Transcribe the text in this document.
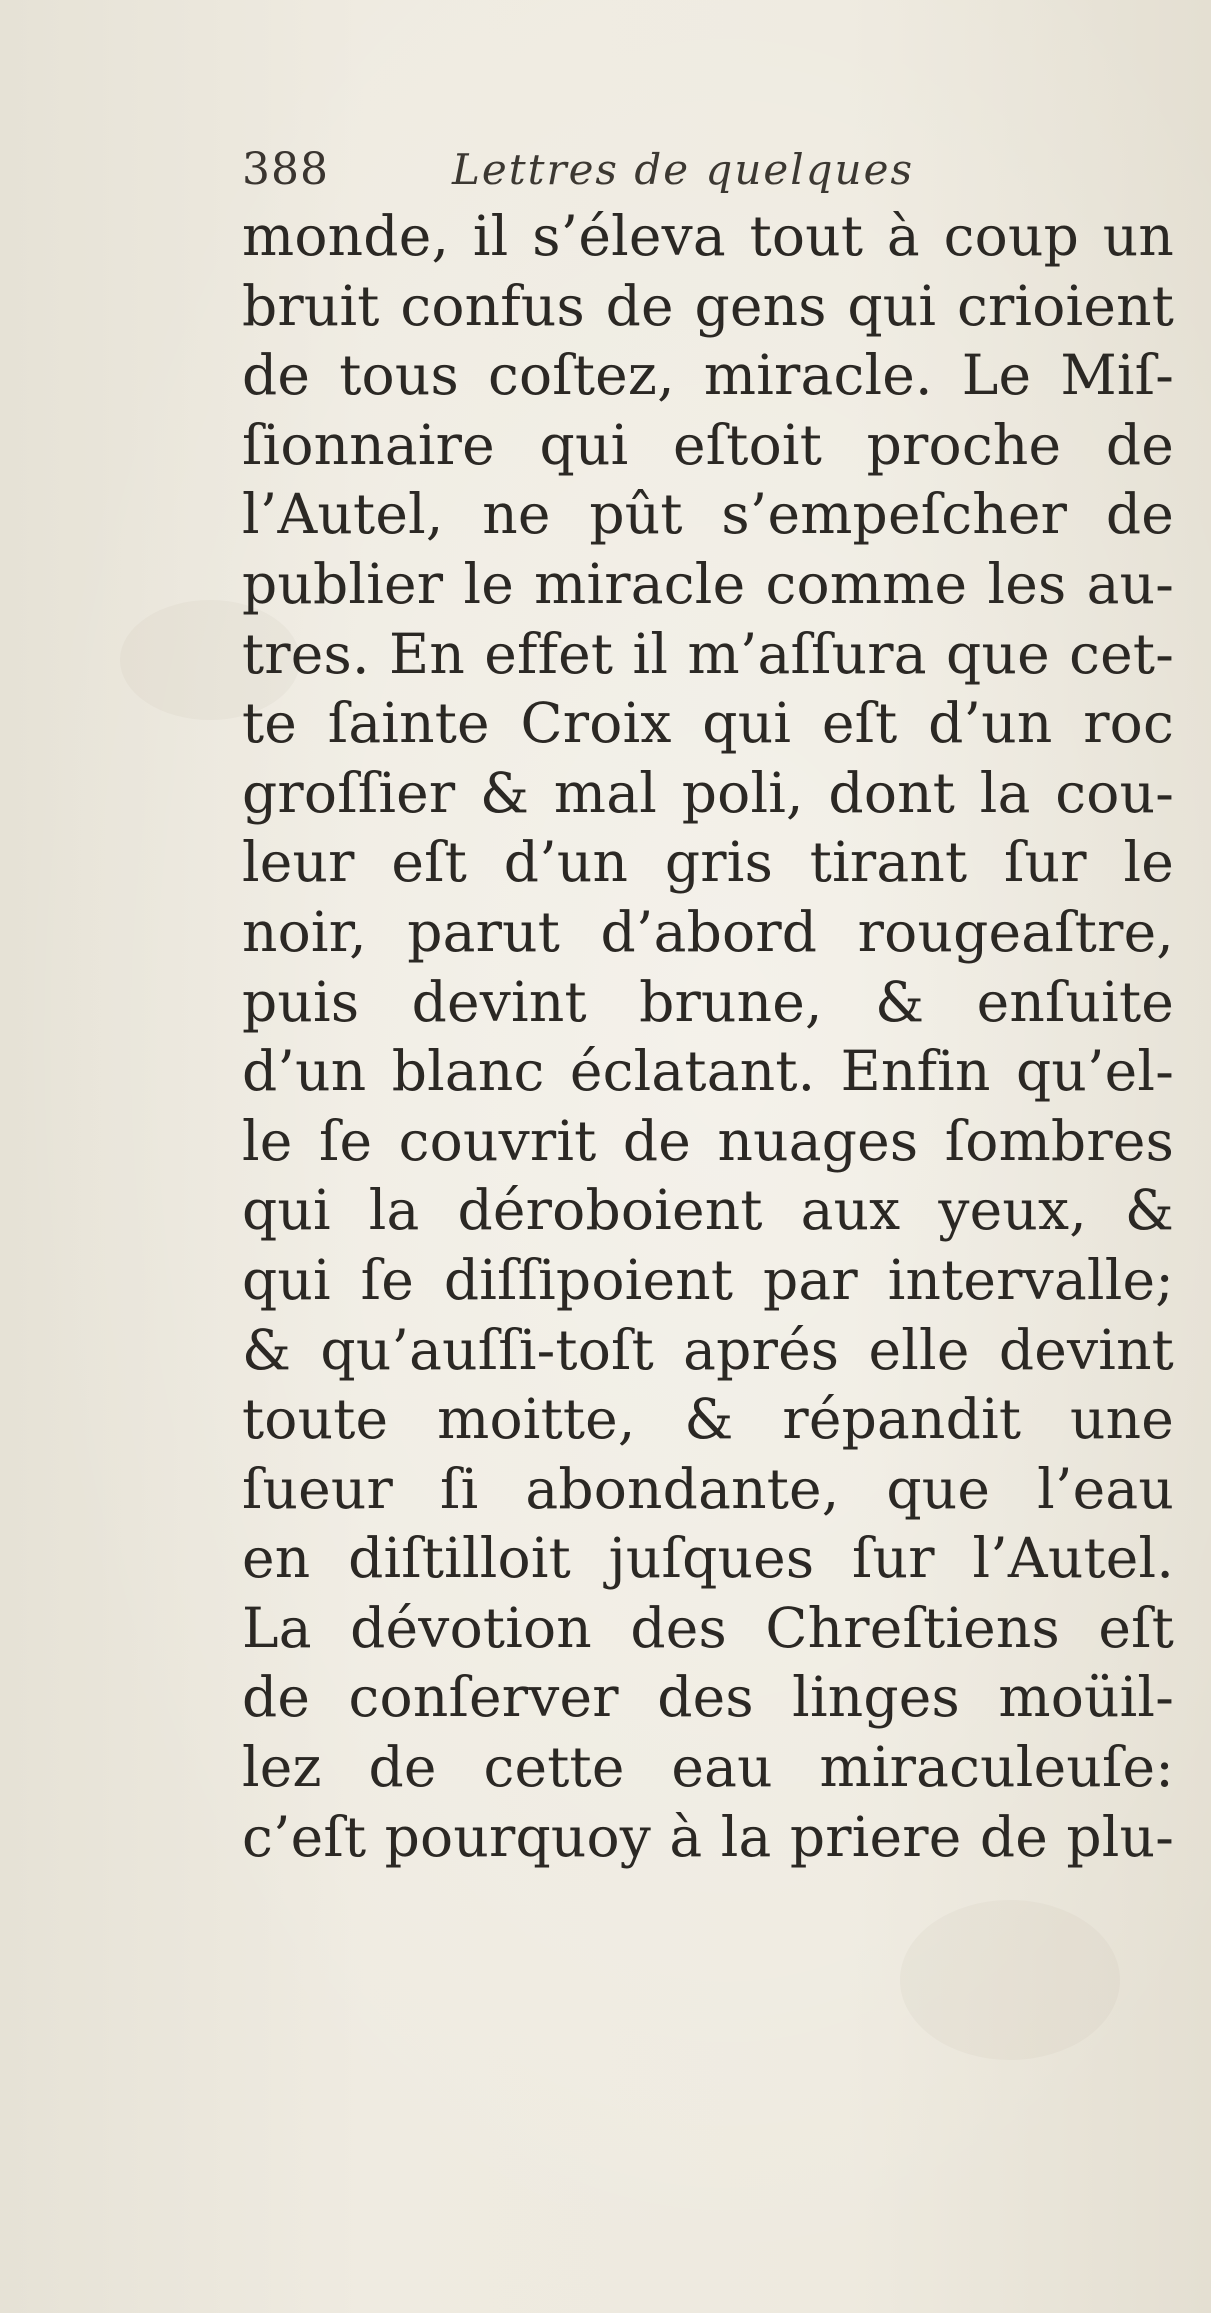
388	Lettres de quelques
monde, il s’éleva tout à coup un
bruit confus de gens qui crioient
de tous coſtez, miracle. Le Miſ-
ſionnaire qui eſtoit proche de
l’Autel, ne pût s’empeſcher de
publier le miracle comme les au-
tres. En effet il m’aſſura que cet-
te ſainte Croix qui eſt d’un roc
groſſier & mal poli, dont la cou-
leur eſt d’un gris tirant ſur le
noir, parut d’abord rougeaſtre,
puis devint brune, & enſuite
d’un blanc éclatant. Enfin qu’el-
le ſe couvrit de nuages ſombres
qui la déroboient aux yeux, &
qui ſe diſſipoient par intervalle;
& qu’auſſi-toſt aprés elle devint
toute moitte, & répandit une
ſueur ſi abondante, que l’eau
en diſtilloit juſques ſur l’Autel.
La dévotion des Chreſtiens eſt
de conſerver des linges moüil-
lez de cette eau miraculeuſe:
c’eſt pourquoy à la priere de plu-
